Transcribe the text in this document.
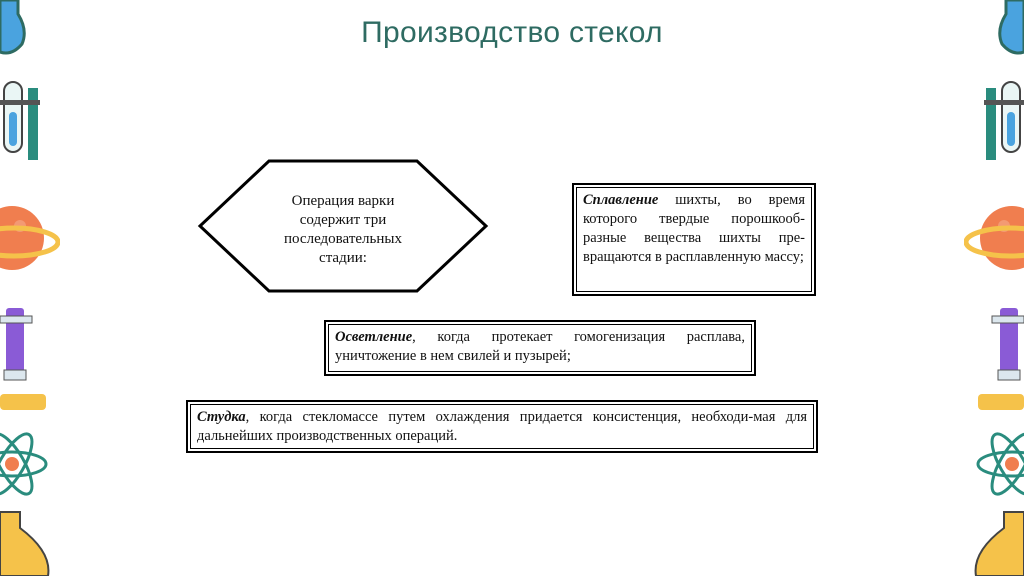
Производство стекол
Операция варки содержит три последовательных стадии:
Сплавление шихты, во время которого твердые порошкооб-разные вещества шихты пре-вращаются в расплавленную массу;
Осветление, когда протекает гомогенизация расплава, уничтожение в нем свилей и пузырей;
Студка, когда стекломассе путем охлаждения придается консистенция, необходи-мая для дальнейших производственных операций.
